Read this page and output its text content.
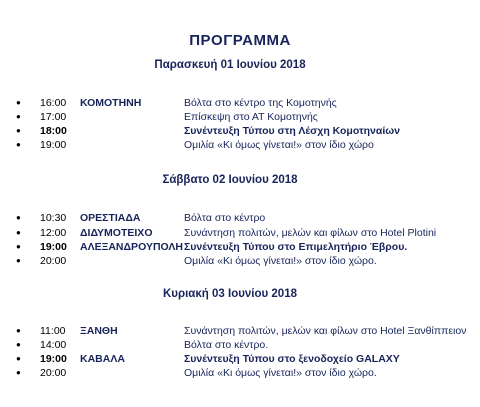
ΠΡΟΓΡΑΜΜΑ
Παρασκευή 01 Ιουνίου 2018
● 16:00 ΚΟΜΟΤΗΝΗ	Βόλτα στο κέντρο της Κομοτηνής
● 17:00	Επίσκεψη στο ΑΤ Κομοτηνής
● 18:00	Συνέντευξη Τύπου στη Λέσχη Κομοτηναίων
● 19:00	Ομιλία «Κι όμως γίνεται!» στον ίδιο χώρο
Σάββατο 02 Ιουνίου 2018
● 10:30 ΟΡΕΣΤΙΑΔΑ	Βόλτα στο κέντρο
● 12:00 ΔΙΔΥΜΟΤΕΙΧΟ	Συνάντηση πολιτών, μελών και φίλων στο Hotel Plotini
● 19:00 ΑΛΕΞΑΝΔΡΟΥΠΟΛΗ Συνέντευξη Τύπου στο Επιμελητήριο Έβρου.
● 20:00	Ομιλία «Κι όμως γίνεται!» στον ίδιο χώρο.
Κυριακή 03 Ιουνίου 2018
● 11:00 ΞΑΝΘΗ	Συνάντηση πολιτών, μελών και φίλων στο Hotel Ξανθίππειον
● 14:00	Βόλτα στο κέντρο.
● 19:00 ΚΑΒΑΛΑ	Συνέντευξη Τύπου στο ξενοδοχείο GALAXY
● 20:00	Ομιλία «Κι όμως γίνεται!» στον ίδιο χώρο.
